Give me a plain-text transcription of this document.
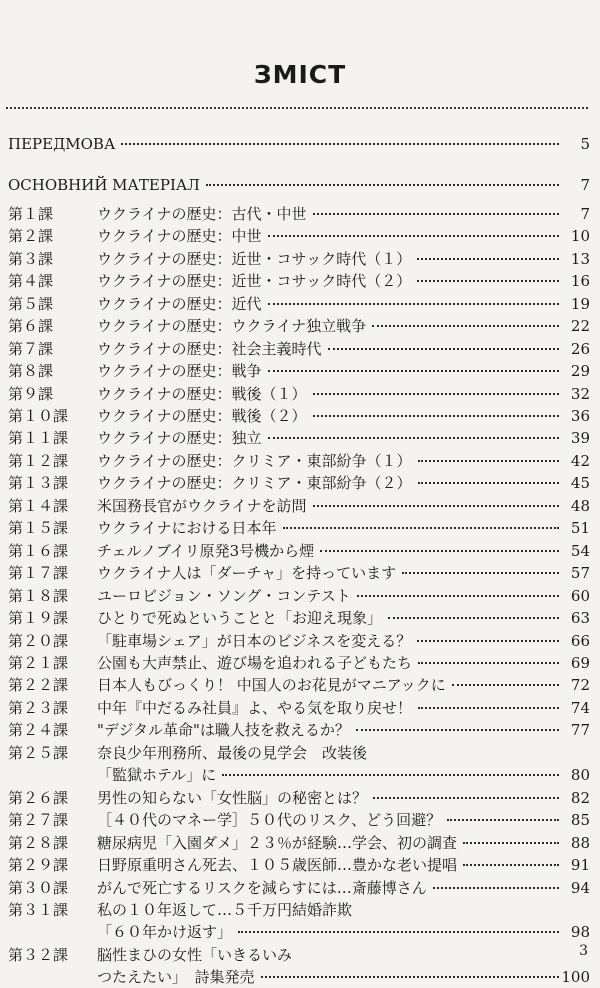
ЗМІСТ
ПЕРЕДМОВА	5
ОСНОВНИЙ МАТЕРІАЛ	7
第１課	ウクライナの歴史：古代・中世	7
第２課	ウクライナの歴史：中世	10
第３課	ウクライナの歴史：近世・コサック時代（１）	13
第４課	ウクライナの歴史：近世・コサック時代（２）	16
第５課	ウクライナの歴史：近代	19
第６課	ウクライナの歴史：ウクライナ独立戦争	22
第７課	ウクライナの歴史：社会主義時代	26
第８課	ウクライナの歴史：戦争	29
第９課	ウクライナの歴史：戦後（１）	32
第１０課	ウクライナの歴史：戦後（２）	36
第１１課	ウクライナの歴史：独立	39
第１２課	ウクライナの歴史：クリミア・東部紛争（１）	42
第１３課	ウクライナの歴史：クリミア・東部紛争（２）	45
第１４課	米国務長官がウクライナを訪問	48
第１５課	ウクライナにおける日本年	51
第１６課	チェルノブイリ原発3号機から煙	54
第１７課	ウクライナ人は「ダーチャ」を持っています	57
第１８課	ユーロビジョン・ソング・コンテスト	60
第１９課	ひとりで死ぬということと「お迎え現象」	63
第２０課	「駐車場シェア」が日本のビジネスを変える？	66
第２１課	公園も大声禁止、遊び場を追われる子どもたち	69
第２２課	日本人もびっくり！ 中国人のお花見がマニアックに	72
第２３課	中年『中だるみ社員』よ、やる気を取り戻せ！	74
第２４課	"デジタル革命"は職人技を救えるか？	77
第２５課	奈良少年刑務所、最後の見学会　改装後
「監獄ホテル」に	80
第２６課	男性の知らない「女性脳」の秘密とは？	82
第２７課	［４０代のマネー学］５０代のリスク、どう回避？	85
第２８課	糖尿病児「入園ダメ」２３％が経験…学会、初の調査	88
第２９課	日野原重明さん死去、１０５歳医師…豊かな老い提唱	91
第３０課	がんで死亡するリスクを減らすには…斎藤博さん	94
第３１課	私の１０年返して…５千万円結婚詐欺
「６０年かけ返す」	98
第３２課	脳性まひの女性「いきるいみ
つたえたい」　詩集発売	100
3
